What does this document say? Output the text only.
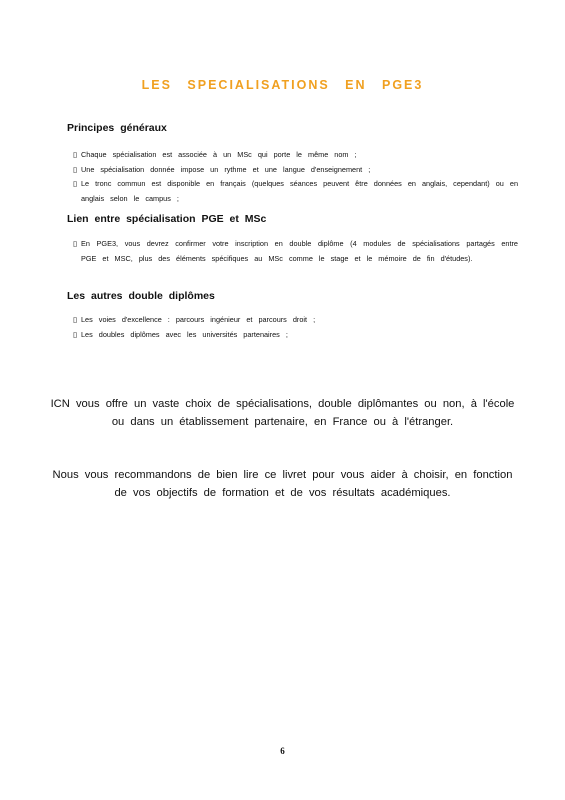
LES SPECIALISATIONS EN PGE3
Principes généraux
▯ Chaque spécialisation est associée à un MSc qui porte le même nom ;
▯ Une spécialisation donnée impose un rythme et une langue d'enseignement ;
▯ Le tronc commun est disponible en français (quelques séances peuvent être données en anglais, cependant) ou en anglais selon le campus ;
Lien entre spécialisation PGE et MSc
▯ En PGE3, vous devrez confirmer votre inscription en double diplôme (4 modules de spécialisations partagés entre PGE et MSC, plus des éléments spécifiques au MSc comme le stage et le mémoire de fin d'études).
Les autres double diplômes
▯ Les voies d'excellence : parcours ingénieur et parcours droit ;
▯ Les doubles diplômes avec les universités partenaires ;
ICN vous offre un vaste choix de spécialisations, double diplômantes ou non, à l'école ou dans un établissement partenaire, en France ou à l'étranger.
Nous vous recommandons de bien lire ce livret pour vous aider à choisir, en fonction de vos objectifs de formation et de vos résultats académiques.
6
